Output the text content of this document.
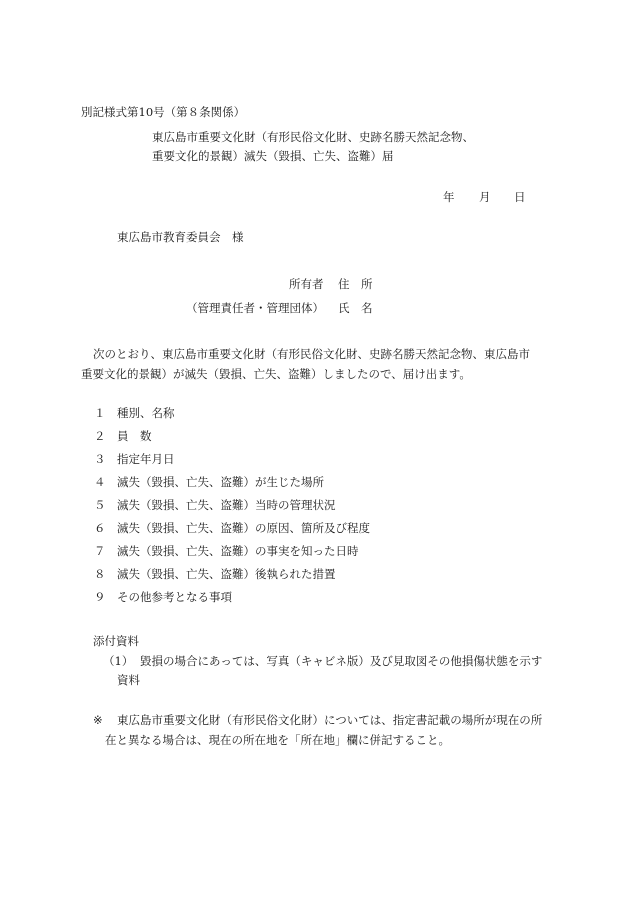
別記様式第10号（第８条関係）
東広島市重要文化財（有形民俗文化財、史跡名勝天然記念物、
重要文化的景観）滅失（毀損、亡失、盗難）届
年 月 日
東広島市教育委員会　様
所有者 住　所
（管理責任者・管理団体） 氏　名
次のとおり、東広島市重要文化財（有形民俗文化財、史跡名勝天然記念物、東広島市
重要文化的景観）が滅失（毀損、亡失、盗難）しましたので、届け出ます。
１ 種別、名称
２ 員　数
３ 指定年月日
４ 滅失（毀損、亡失、盗難）が生じた場所
５ 滅失（毀損、亡失、盗難）当時の管理状況
６ 滅失（毀損、亡失、盗難）の原因、箇所及び程度
７ 滅失（毀損、亡失、盗難）の事実を知った日時
８ 滅失（毀損、亡失、盗難）後執られた措置
９ その他参考となる事項
添付資料
（1） 毀損の場合にあっては、写真（キャビネ版）及び見取図その他損傷状態を示す
資料
※ 東広島市重要文化財（有形民俗文化財）については、指定書記載の場所が現在の所
在と異なる場合は、現在の所在地を「所在地」欄に併記すること。
